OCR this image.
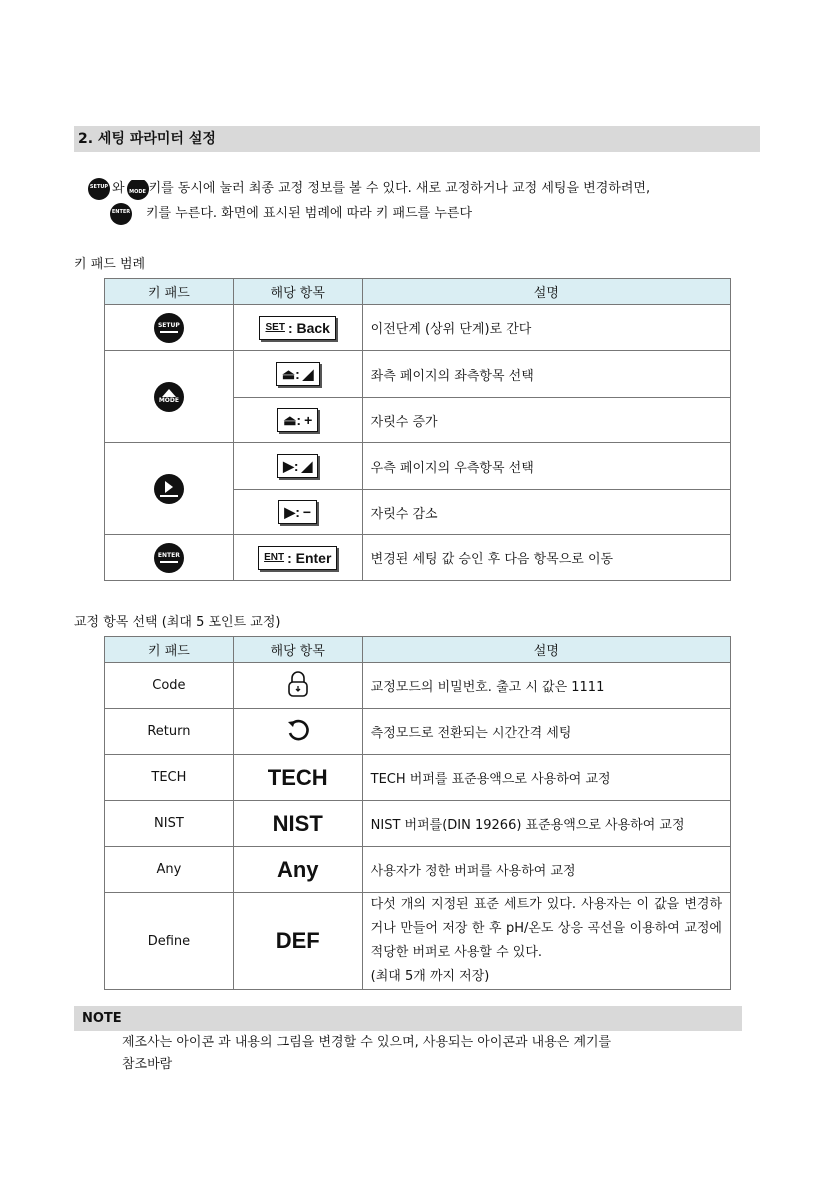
2. 세팅 파라미터 설정
SETUP 와 MODE 키를 동시에 눌러 최종 교정 정보를 볼 수 있다. 새로 교정하거나 교정 세팅을 변경하려면,
ENTER 키를 누른다. 화면에 표시된 범례에 따라 키 패드를 누른다
키 패드 범례
키 패드	해당 항목	설명

SETUP	SET : Back	이전단계 (상위 단계)로 간다

MODE	⏏: ◢	좌측 페이지의 좌측항목 선택

	⏏: +	자릿수 증가

	▶: ◢	우측 페이지의 우측항목 선택

	▶: −	자릿수 감소

ENTER	ENT : Enter	변경된 세팅 값 승인 후 다음 항목으로 이동
교정 항목 선택 (최대 5 포인트 교정)
키 패드	해당 항목	설명
Code		교정모드의 비밀번호. 출고 시 값은 1111
Return		측정모드로 전환되는 시간간격 세팅
TECH	TECH	TECH 버퍼를 표준용액으로 사용하여 교정
NIST	NIST	NIST 버퍼를(DIN 19266) 표준용액으로 사용하여 교정
Any	Any	사용자가 정한 버퍼를 사용하여 교정
Define	DEF	다섯 개의 지정된 표준 세트가 있다. 사용자는 이 값을 변경하거나 만들어 저장 한 후 pH/온도 상응 곡선을 이용하여 교정에 적당한 버퍼로 사용할 수 있다.
(최대 5개 까지 저장)
NOTE
제조사는 아이콘 과 내용의 그림을 변경할 수 있으며, 사용되는 아이콘과 내용은 계기를
참조바람
